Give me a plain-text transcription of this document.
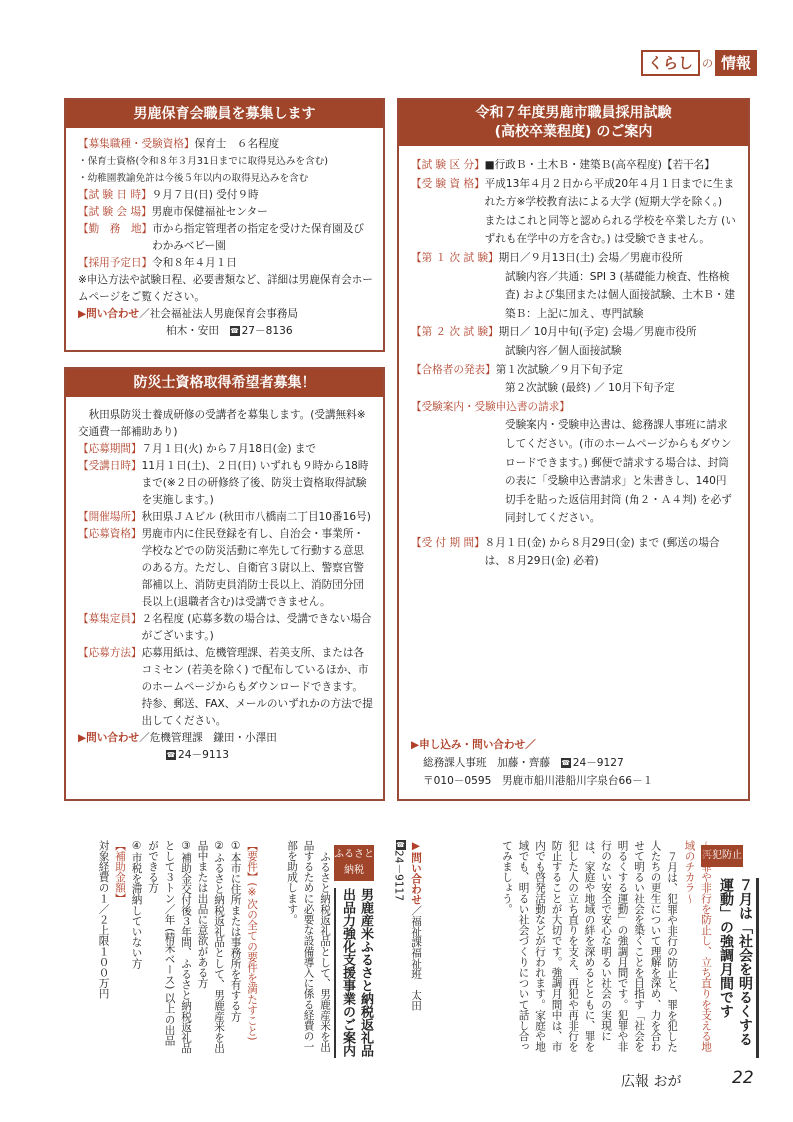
くらし の 情報
男鹿保育会職員を募集します
【募集職種・受験資格】保育士　６名程度
・保育士資格(令和８年３月31日までに取得見込みを含む)
・幼稚園教諭免許は今後５年以内の取得見込みを含む
【試 験 日 時】 ９月７日(日) 受付９時
【試 験 会 場】 男鹿市保健福祉センター
【勤　務　地】 市から指定管理者の指定を受けた保育園及びわかみベビー園
【採用予定日】 令和８年４月１日
※申込方法や試験日程、必要書類など、詳細は男鹿保育会ホームページをご覧ください。
▶問い合わせ／社会福祉法人男鹿保育会事務局
柏木・安田　☎ 27－8136
防災士資格取得希望者募集！
秋田県防災士養成研修の受講者を募集します。(受講無料※交通費一部補助あり)
【応募期間】 ７月１日(火) から７月18日(金) まで
【受講日時】 11月１日(土)、２日(日) いずれも９時から18時まで(※２日の研修終了後、防災士資格取得試験を実施します。)
【開催場所】 秋田県ＪＡビル (秋田市八橋南二丁目10番16号)
【応募資格】 男鹿市内に住民登録を有し、自治会・事業所・学校などでの防災活動に率先して行動する意思のある方。ただし、自衛官３尉以上、警察官警部補以上、消防吏員消防士長以上、消防団分団長以上(退職者含む)は受講できません。
【募集定員】 ２名程度 (応募多数の場合は、受講できない場合がございます。)
【応募方法】 応募用紙は、危機管理課、若美支所、または各コミセン (若美を除く) で配布しているほか、市のホームページからもダウンロードできます。持参、郵送、FAX、メールのいずれかの方法で提出してください。
▶問い合わせ／危機管理課　鎌田・小澤田
☎ 24－9113
令和７年度男鹿市職員採用試験
(高校卒業程度) のご案内
【試 験 区 分】 ■行政Ｂ・土木Ｂ・建築Ｂ(高卒程度)【若干名】
【受 験 資 格】 平成13年４月２日から平成20年４月１日までに生まれた方※学校教育法による大学 (短期大学を除く。) またはこれと同等と認められる学校を卒業した方 (いずれも在学中の方を含む。) は受験できません。
【第 １ 次 試 験】 期日／９月13日(土) 会場／男鹿市役所
試験内容／共通：SPI 3 (基礎能力検査、性格検査) および集団または個人面接試験、土木Ｂ・建築Ｂ：上記に加え、専門試験
【第 ２ 次 試 験】 期日／ 10月中旬(予定) 会場／男鹿市役所
試験内容／個人面接試験
【合格者の発表】 第１次試験／９月下旬予定
第２次試験 (最終) ／ 10月下旬予定
【受験案内・受験申込書の請求】
受験案内・受験申込書は、総務課人事班に請求してください。(市のホームページからもダウンロードできます。) 郵便で請求する場合は、封筒の表に「受験申込書請求」と朱書きし、140円切手を貼った返信用封筒 (角２・Ａ４判) を必ず同封してください。
【受 付 期 間】 ８月１日(金) から８月29日(金) まで (郵送の場合は、８月29日(金) 必着)
▶申し込み・問い合わせ／
総務課人事班　加藤・齊藤　☎ 24－9127
〒010－0595　男鹿市船川港船川字泉台66－１
再犯防止
７月は「社会を明るくする運動」の強調月間です
～犯罪や非行を防止し、立ち直りを支える地域のチカラ～
７月は、犯罪や非行の防止と、罪を犯した人たちの更生について理解を深め、力を合わせて明るい社会を築くことを目指す「社会を明るくする運動」の強調月間です。犯罪や非行のない安全で安心な明るい社会の実現には、家庭や地域の絆を深めるとともに、罪を犯した人の立ち直りを支え、再犯や再非行を防止することが大切です。強調月間中は、市内でも啓発活動などが行われます。家庭や地域でも、明るい社会づくりについて話し合ってみましょう。
▶問い合わせ／福祉課福祉班　太田
☎24－9117
ふるさと納税
男鹿産米ふるさと納税返礼品出品力強化支援事業のご案内
ふるさと納税返礼品として、男鹿産米を出品するために必要な設備導入に係る経費の一部を助成します。
【要件】(※次の全ての要件を満たすこと)
①本市に住所または事務所を有する方
②ふるさと納税返礼品として、男鹿産米を出品中または出品に意欲がある方
③補助金交付後３年間、ふるさと納税返礼品として３トン／年 (精米ベース) 以上の出品ができる方
④市税を滞納していない方
【補助金額】
対象経費の１／２上限１００万円
広報 おが	22
